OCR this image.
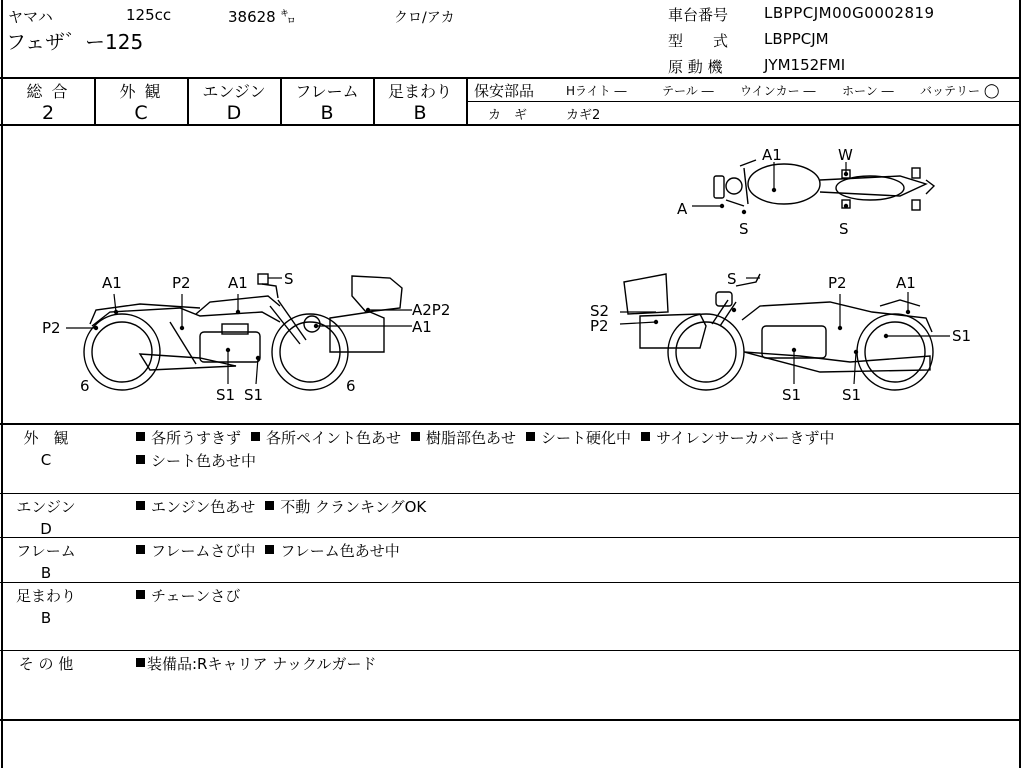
ヤマハ	125cc	38628 ㌔	クロ/アカ
フェザ゛ー125
車台番号 LBPPCJM00G0002819
型　　式 LBPPCJM
原 動 機	JYM152FMI
総 合
2
外 観
C
エンジン
D
フレーム
B
足まわり
B
保安部品	Hライト ―	テール ― ウインカー ― ホーン ― バッテリー ◯
カ　ギ	カギ2
A1
P2
P2 A1 S
A2P2
A1
6	S1 S1	6
S	P2	A1
S2
P2
S1
S1	S1
A1	W
A
S	S
外　観
C
各所うすきず 各所ペイント色あせ 樹脂部色あせ シート硬化中 サイレンサーカバーきず中
シート色あせ中
エンジン
D
エンジン色あせ 不動 クランキングOK
フレーム
B
フレームさび中 フレーム色あせ中
足まわり
B
チェーンさび
そ の 他	装備品:Rキャリア ナックルガード
